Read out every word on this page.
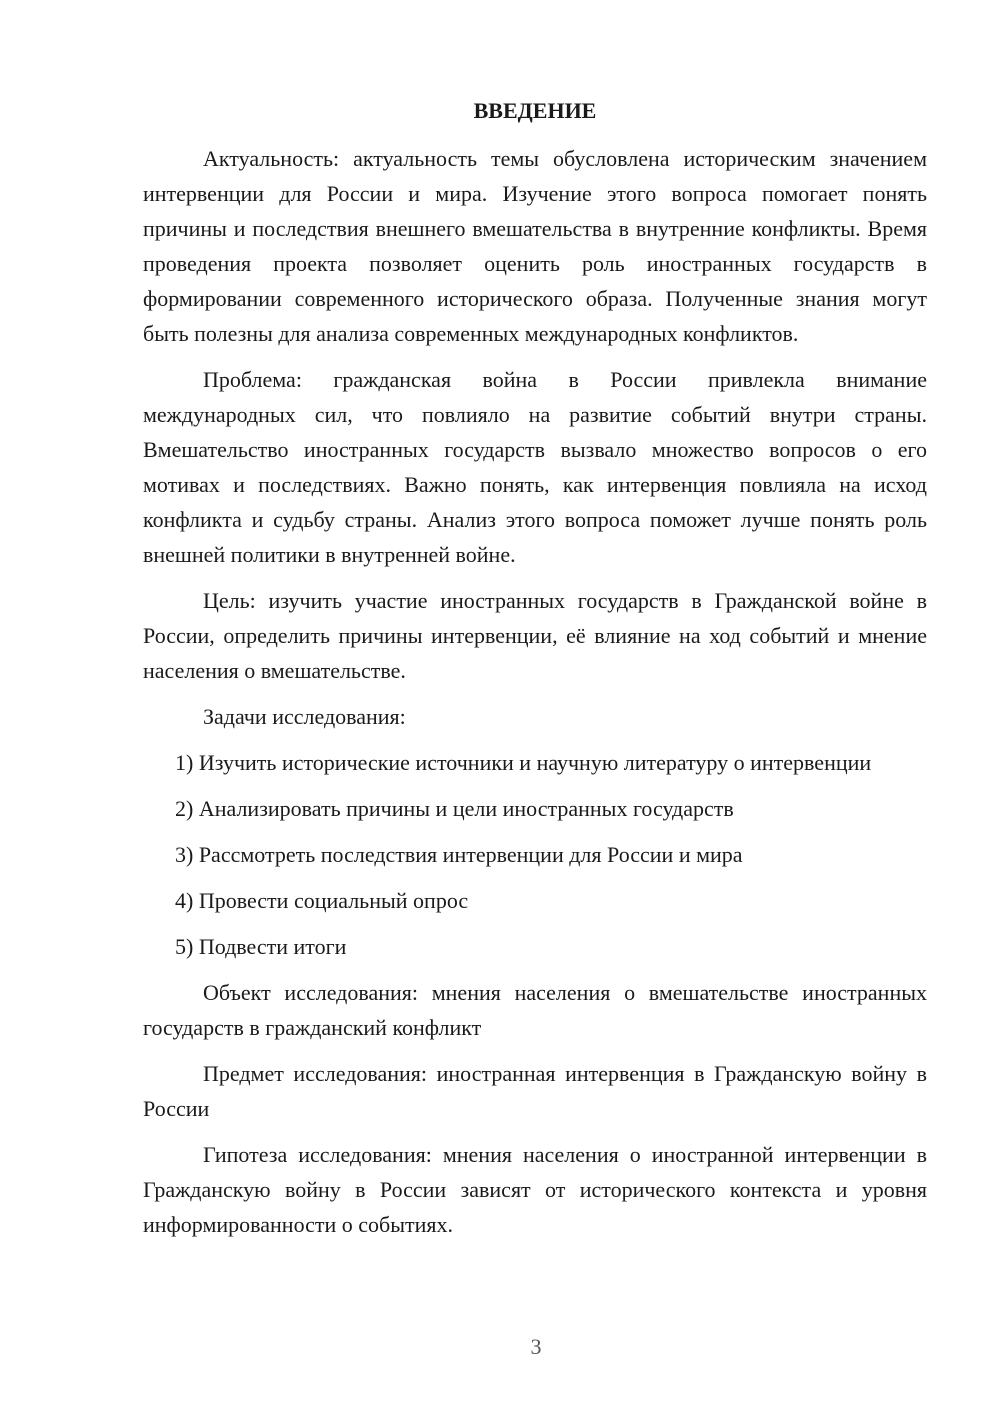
ВВЕДЕНИЕ

Актуальность: актуальность темы обусловлена историческим значением интервенции для России и мира. Изучение этого вопроса помогает понять причины и последствия внешнего вмешательства в внутренние конфликты. Время проведения проекта позволяет оценить роль иностранных государств в формировании современного исторического образа. Полученные знания могут быть полезны для анализа современных международных конфликтов.

Проблема: гражданская война в России привлекла внимание международных сил, что повлияло на развитие событий внутри страны. Вмешательство иностранных государств вызвало множество вопросов о его мотивах и последствиях. Важно понять, как интервенция повлияла на исход конфликта и судьбу страны. Анализ этого вопроса поможет лучше понять роль внешней политики в внутренней войне.

Цель: изучить участие иностранных государств в Гражданской войне в России, определить причины интервенции, её влияние на ход событий и мнение населения о вмешательстве.

Задачи исследования:

1) Изучить исторические источники и научную литературу о интервенции

2) Анализировать причины и цели иностранных государств

3) Рассмотреть последствия интервенции для России и мира

4) Провести социальный опрос

5) Подвести итоги

Объект исследования: мнения населения о вмешательстве иностранных государств в гражданский конфликт

Предмет исследования: иностранная интервенция в Гражданскую войну в России

Гипотеза исследования: мнения населения о иностранной интервенции в Гражданскую войну в России зависят от исторического контекста и уровня информированности о событиях.

3
